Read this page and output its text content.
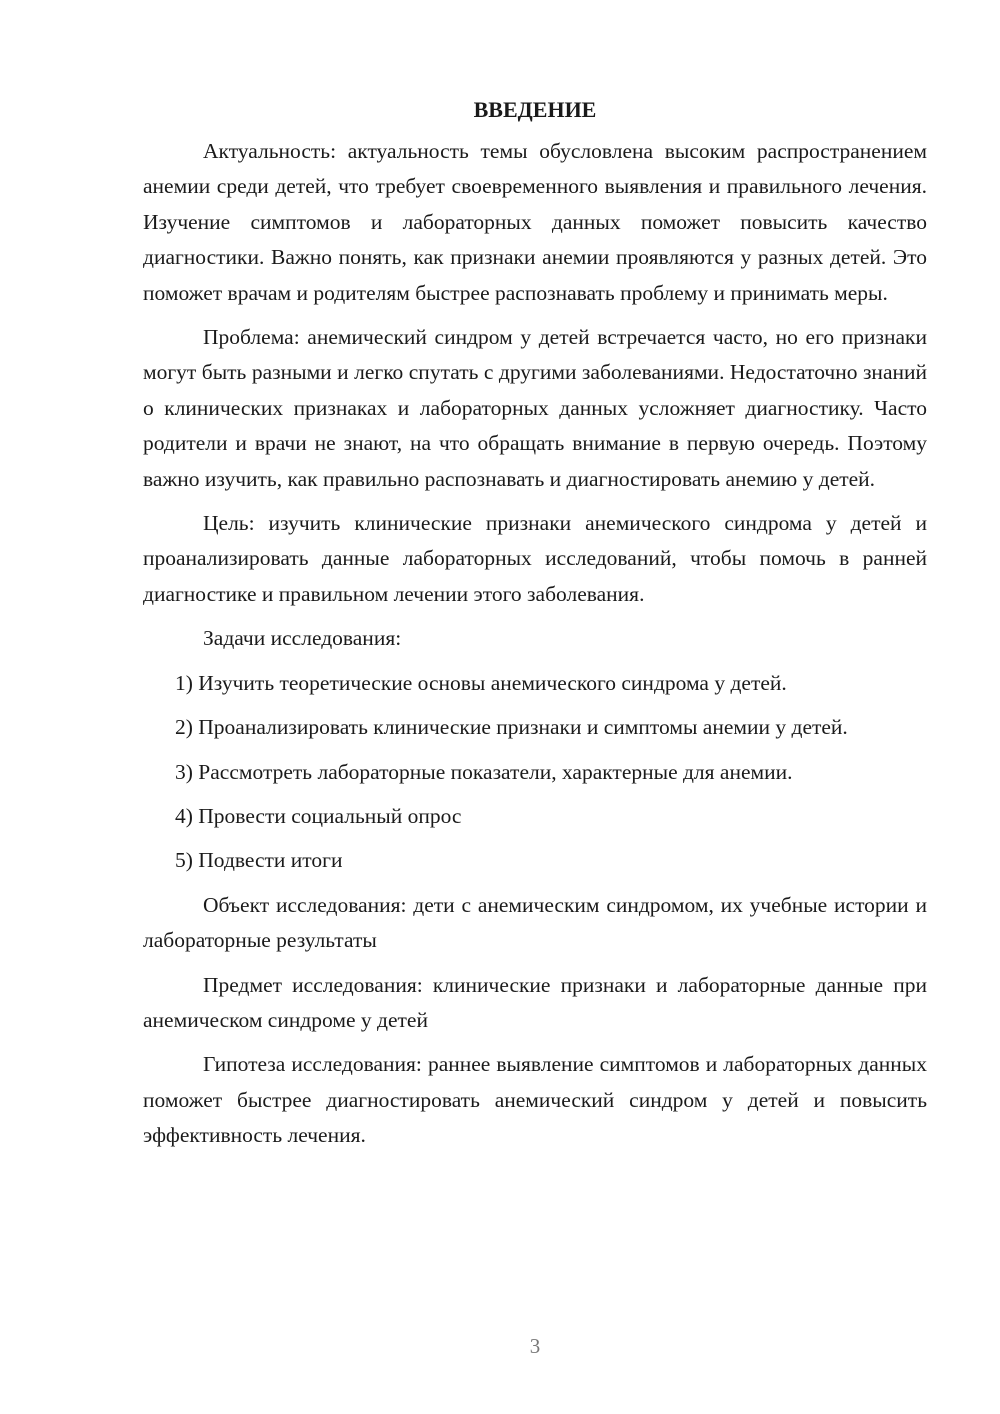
ВВЕДЕНИЕ

Актуальность: актуальность темы обусловлена высоким распространением анемии среди детей, что требует своевременного выявления и правильного лечения. Изучение симптомов и лабораторных данных поможет повысить качество диагностики. Важно понять, как признаки анемии проявляются у разных детей. Это поможет врачам и родителям быстрее распознавать проблему и принимать меры.

Проблема: анемический синдром у детей встречается часто, но его признаки могут быть разными и легко спутать с другими заболеваниями. Недостаточно знаний о клинических признаках и лабораторных данных усложняет диагностику. Часто родители и врачи не знают, на что обращать внимание в первую очередь. Поэтому важно изучить, как правильно распознавать и диагностировать анемию у детей.

Цель: изучить клинические признаки анемического синдрома у детей и проанализировать данные лабораторных исследований, чтобы помочь в ранней диагностике и правильном лечении этого заболевания.

Задачи исследования:

1) Изучить теоретические основы анемического синдрома у детей.

2) Проанализировать клинические признаки и симптомы анемии у детей.

3) Рассмотреть лабораторные показатели, характерные для анемии.

4) Провести социальный опрос

5) Подвести итоги

Объект исследования: дети с анемическим синдромом, их учебные истории и лабораторные результаты

Предмет исследования: клинические признаки и лабораторные данные при анемическом синдроме у детей

Гипотеза исследования: раннее выявление симптомов и лабораторных данных поможет быстрее диагностировать анемический синдром у детей и повысить эффективность лечения.

3
